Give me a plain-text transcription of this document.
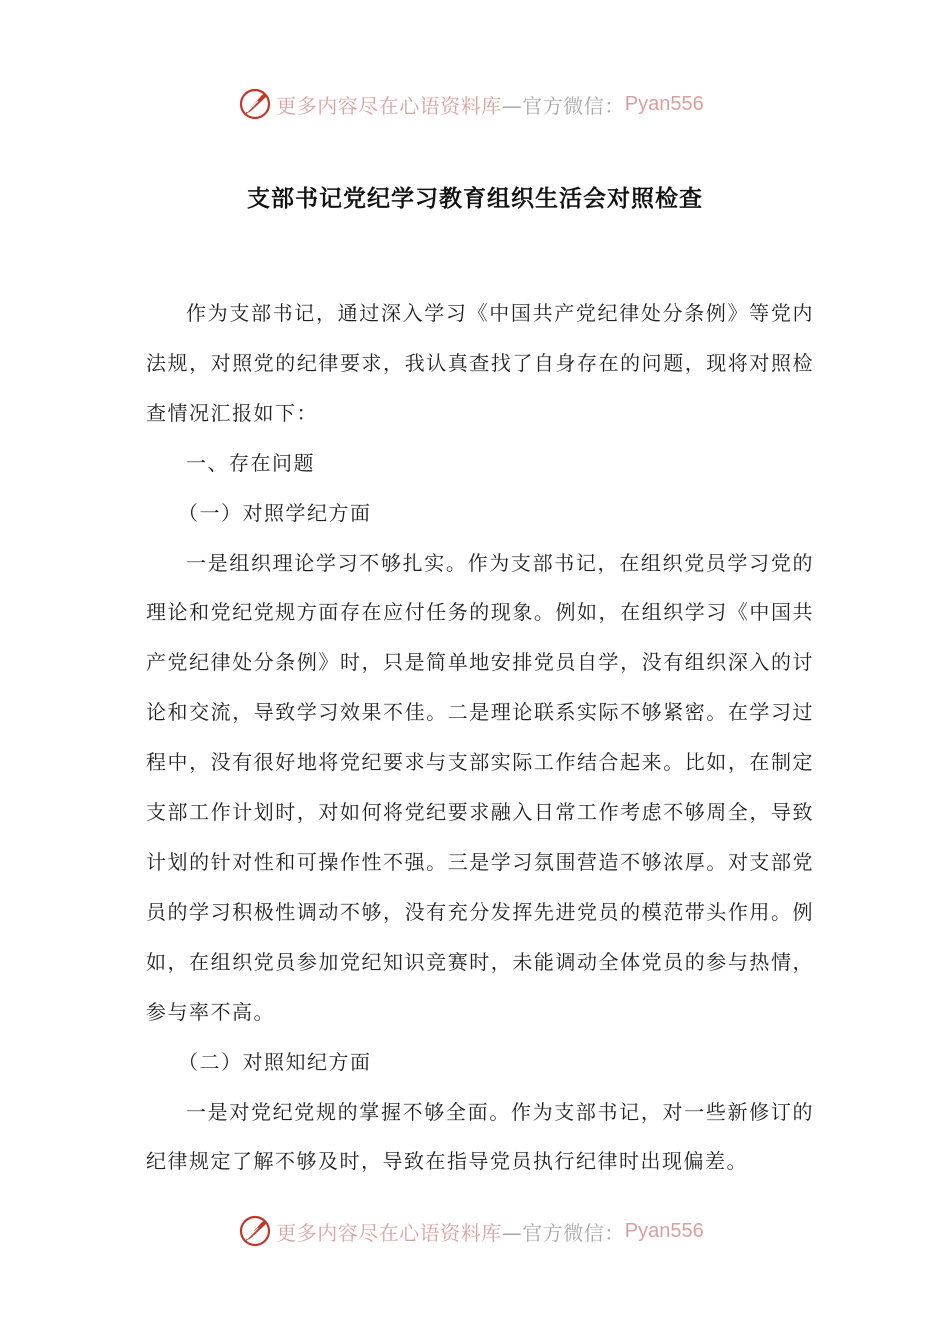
更多内容尽在心语资料库 —官方微信： Pyan556
支部书记党纪学习教育组织生活会对照检查

作为支部书记，通过深入学习《中国共产党纪律处分条例》等党内法规，对照党的纪律要求，我认真查找了自身存在的问题，现将对照检查情况汇报如下：

一、存在问题

（一）对照学纪方面

一是组织理论学习不够扎实。作为支部书记，在组织党员学习党的理论和党纪党规方面存在应付任务的现象。例如，在组织学习《中国共产党纪律处分条例》时，只是简单地安排党员自学，没有组织深入的讨论和交流，导致学习效果不佳。二是理论联系实际不够紧密。在学习过程中，没有很好地将党纪要求与支部实际工作结合起来。比如，在制定支部工作计划时，对如何将党纪要求融入日常工作考虑不够周全，导致计划的针对性和可操作性不强。三是学习氛围营造不够浓厚。对支部党员的学习积极性调动不够，没有充分发挥先进党员的模范带头作用。例如，在组织党员参加党纪知识竞赛时，未能调动全体党员的参与热情，参与率不高。

（二）对照知纪方面

一是对党纪党规的掌握不够全面。作为支部书记，对一些新修订的纪律规定了解不够及时，导致在指导党员执行纪律时出现偏差。

更多内容尽在心语资料库 —官方微信： Pyan556
